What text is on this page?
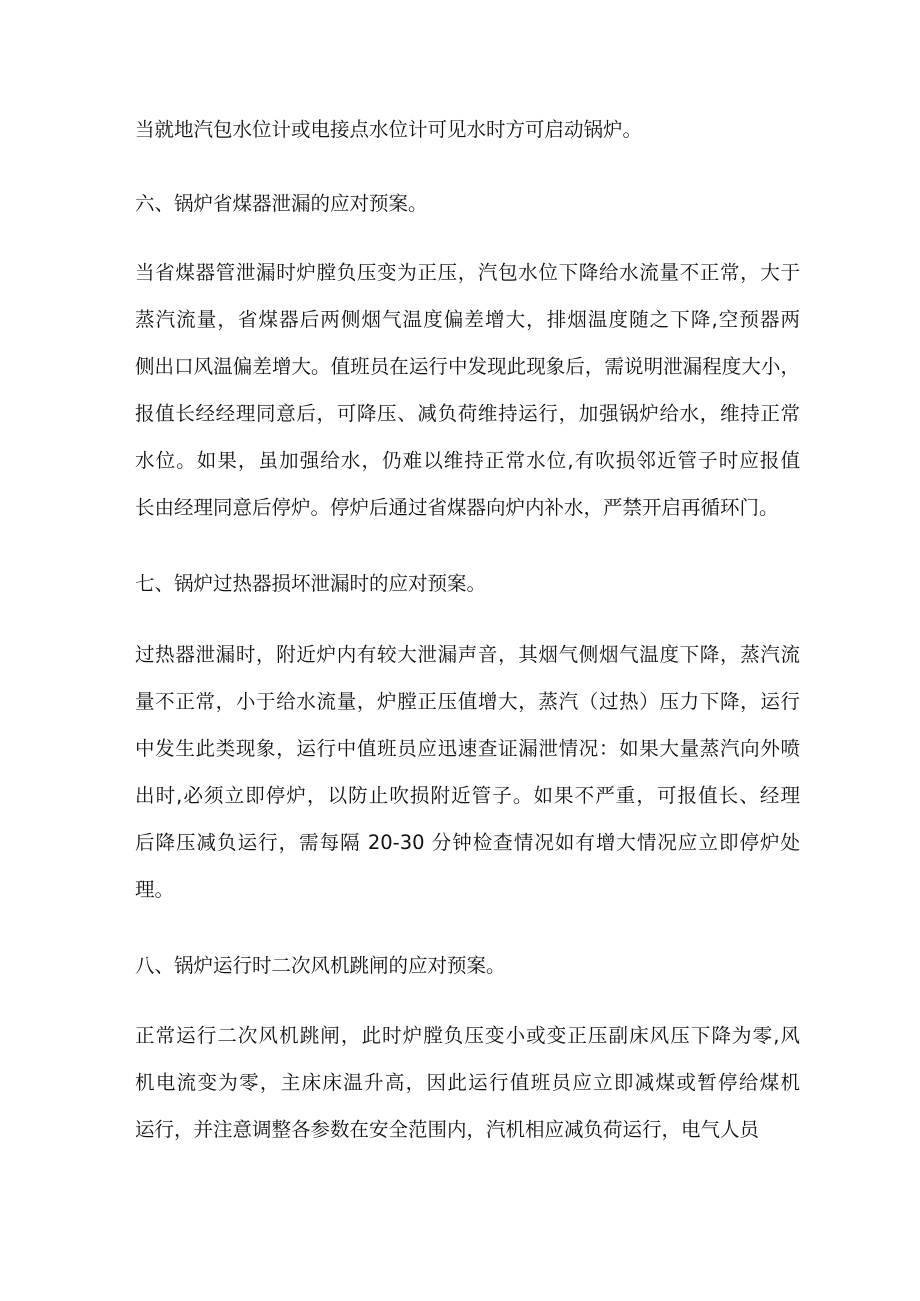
当就地汽包水位计或电接点水位计可见水时方可启动锅炉。
六、锅炉省煤器泄漏的应对预案。
当省煤器管泄漏时炉膛负压变为正压，汽包水位下降给水流量不正常，大于
蒸汽流量，省煤器后两侧烟气温度偏差增大，排烟温度随之下降,空预器两
侧出口风温偏差增大。值班员在运行中发现此现象后，需说明泄漏程度大小，
报值长经经理同意后，可降压、减负荷维持运行，加强锅炉给水，维持正常
水位。如果，虽加强给水，仍难以维持正常水位,有吹损邻近管子时应报值
长由经理同意后停炉。停炉后通过省煤器向炉内补水，严禁开启再循环门。
七、锅炉过热器损坏泄漏时的应对预案。
过热器泄漏时，附近炉内有较大泄漏声音，其烟气侧烟气温度下降，蒸汽流
量不正常，小于给水流量，炉膛正压值增大，蒸汽（过热）压力下降，运行
中发生此类现象，运行中值班员应迅速查证漏泄情况：如果大量蒸汽向外喷
出时,必须立即停炉，以防止吹损附近管子。如果不严重，可报值长、经理
后降压减负运行，需每隔 20-30 分钟检查情况如有增大情况应立即停炉处
理。
八、锅炉运行时二次风机跳闸的应对预案。
正常运行二次风机跳闸，此时炉膛负压变小或变正压副床风压下降为零,风
机电流变为零，主床床温升高，因此运行值班员应立即减煤或暂停给煤机
运行，并注意调整各参数在安全范围内，汽机相应减负荷运行，电气人员
